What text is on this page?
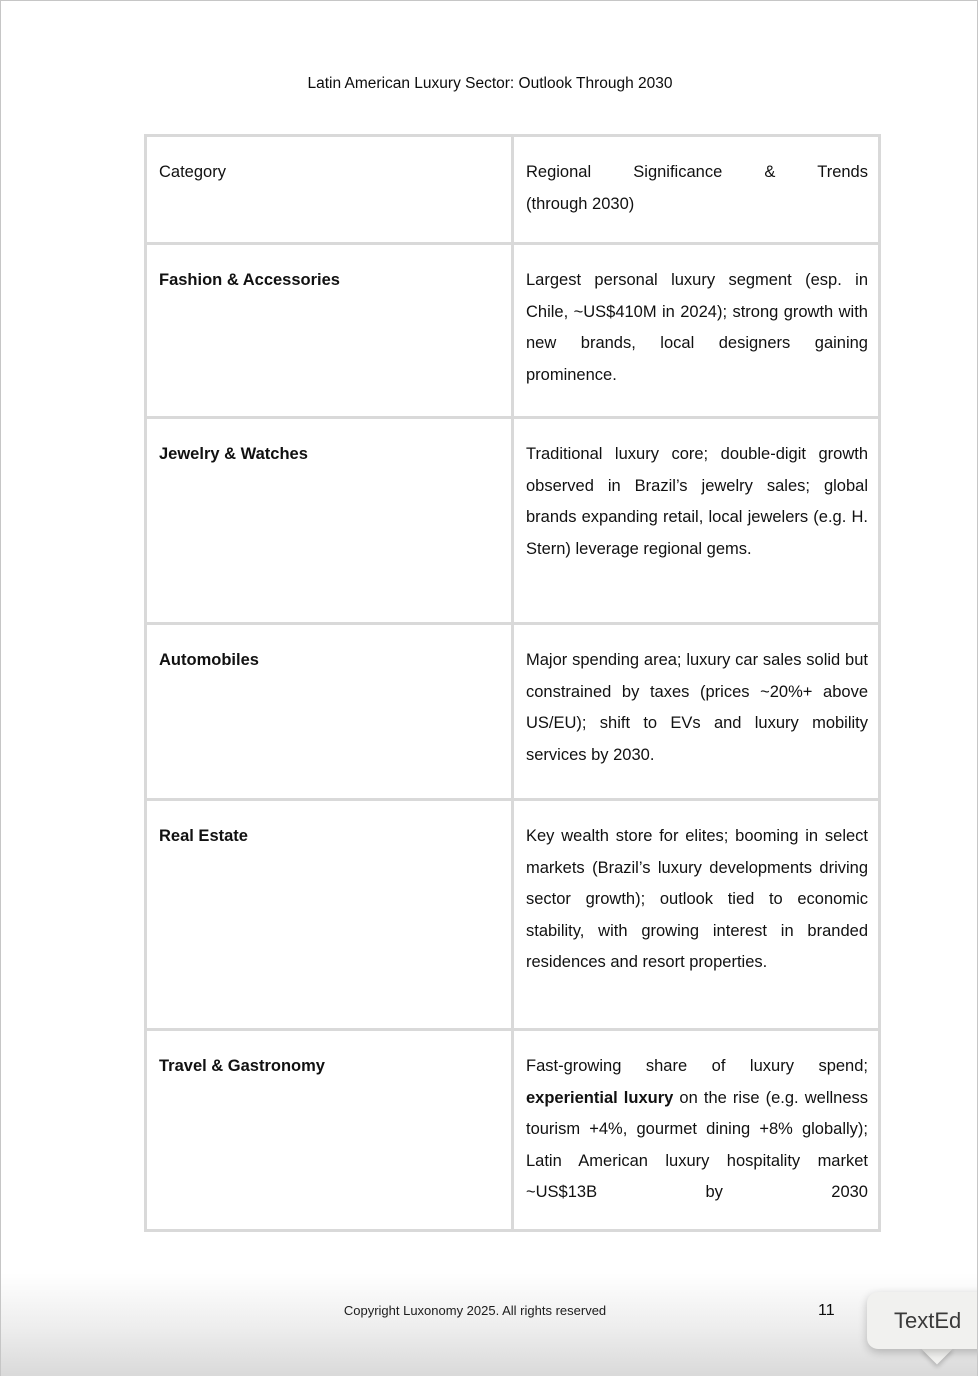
Latin American Luxury Sector: Outlook Through 2030
Category	Regional Significance & Trends
(through 2030)

Fashion & Accessories	Largest personal luxury segment (esp. in Chile, ~US$410M in 2024); strong growth with new brands, local designers gaining prominence.
Jewelry & Watches	Traditional luxury core; double-digit growth observed in Brazil’s jewelry sales; global brands expanding retail, local jewelers (e.g. H. Stern) leverage regional gems.
Automobiles	Major spending area; luxury car sales solid but constrained by taxes (prices ~20%+ above US/EU); shift to EVs and luxury mobility services by 2030.
Real Estate	Key wealth store for elites; booming in select markets (Brazil’s luxury developments driving sector growth); outlook tied to economic stability, with growing interest in branded residences and resort properties.
Travel & Gastronomy	Fast-growing share of luxury spend; experiential luxury on the rise (e.g. wellness tourism +4%, gourmet dining +8% globally); Latin American luxury hospitality market ~US$13B by 2030
Copyright Luxonomy 2025. All rights reserved	11	TextEd
